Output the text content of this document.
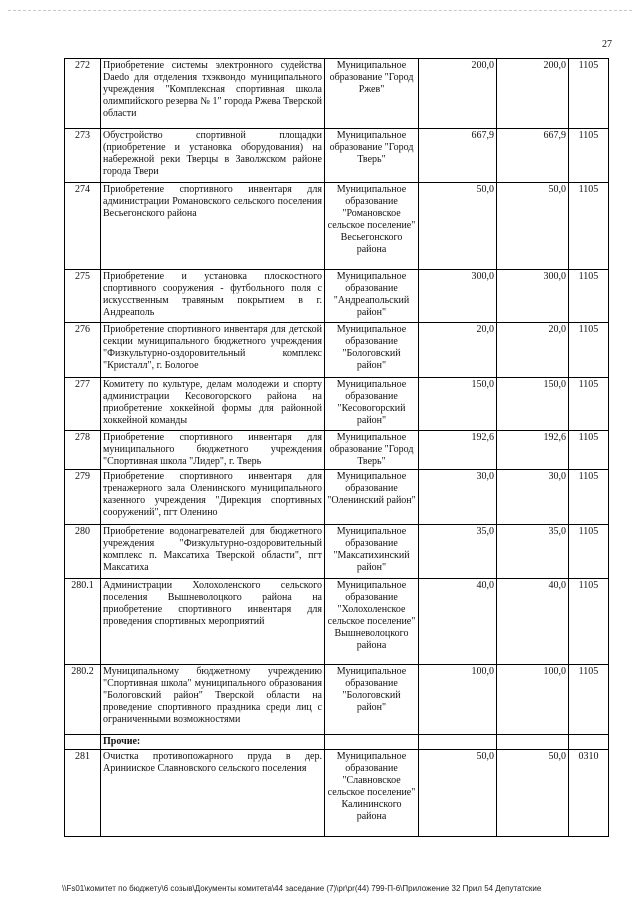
27
272	Приобретение системы электронного судейства Daedo для отделения тхэквондо муниципального учреждения "Комплексная спортивная школа олимпийского резерва № 1" города Ржева Тверской области	Муниципальное образование "Город Ржев"	200,0	200,0	1105
273	Обустройство спортивной площадки (приобретение и установка оборудования) на набережной реки Тверцы в Заволжском районе города Твери	Муниципальное образование "Город Тверь"	667,9	667,9	1105
274	Приобретение спортивного инвентаря для администрации Романовского сельского поселения Весьегонского района	Муниципальное образование "Романовское сельское поселение" Весьегонского района	50,0	50,0	1105
275	Приобретение и установка плоскостного спортивного сооружения - футбольного поля с искусственным травяным покрытием в г. Андреаполь	Муниципальное образование "Андреапольский район"	300,0	300,0	1105
276	Приобретение спортивного инвентаря для детской секции муниципального бюджетного учреждения "Физкультурно-оздоровительный комплекс "Кристалл", г. Бологое	Муниципальное образование "Бологовский район"	20,0	20,0	1105
277	Комитету по культуре, делам молодежи и спорту администрации Кесовогорского района на приобретение хоккейной формы для районной хоккейной команды	Муниципальное образование "Кесовогорский район"	150,0	150,0	1105
278	Приобретение спортивного инвентаря для муниципального бюджетного учреждения "Спортивная школа "Лидер", г. Тверь	Муниципальное образование "Город Тверь"	192,6	192,6	1105
279	Приобретение спортивного инвентаря для тренажерного зала Оленинского муниципального казенного учреждения "Дирекция спортивных сооружений", пгт Оленино	Муниципальное образование "Оленинский район"	30,0	30,0	1105
280	Приобретение водонагревателей для бюджетного учреждения "Физкультурно-оздоровительный комплекс п. Максатиха Тверской области", пгт Максатиха	Муниципальное образование "Максатихинский район"	35,0	35,0	1105
280.1	Администрации Холохоленского сельского поселения Вышневолоцкого района на приобретение спортивного инвентаря для проведения спортивных мероприятий	Муниципальное образование "Холохоленское сельское поселение" Вышневолоцкого района	40,0	40,0	1105
280.2	Муниципальному бюджетному учреждению "Спортивная школа" муниципального образования "Бологовский район" Тверской области на проведение спортивного праздника среди лиц с ограниченными возможностями	Муниципальное образование "Бологовский район"	100,0	100,0	1105
	Прочие:				
281	Очистка противопожарного пруда в дер. Аринииское Славновского сельского поселения	Муниципальное образование "Славновское сельское поселение" Калининского района	50,0	50,0	0310
\\Fs01\комитет по бюджету\6 созыв\Документы комитета\44 заседание (7)\pr\pr(44) 799-П-6\Приложение 32 Прил 54 Депутатские
